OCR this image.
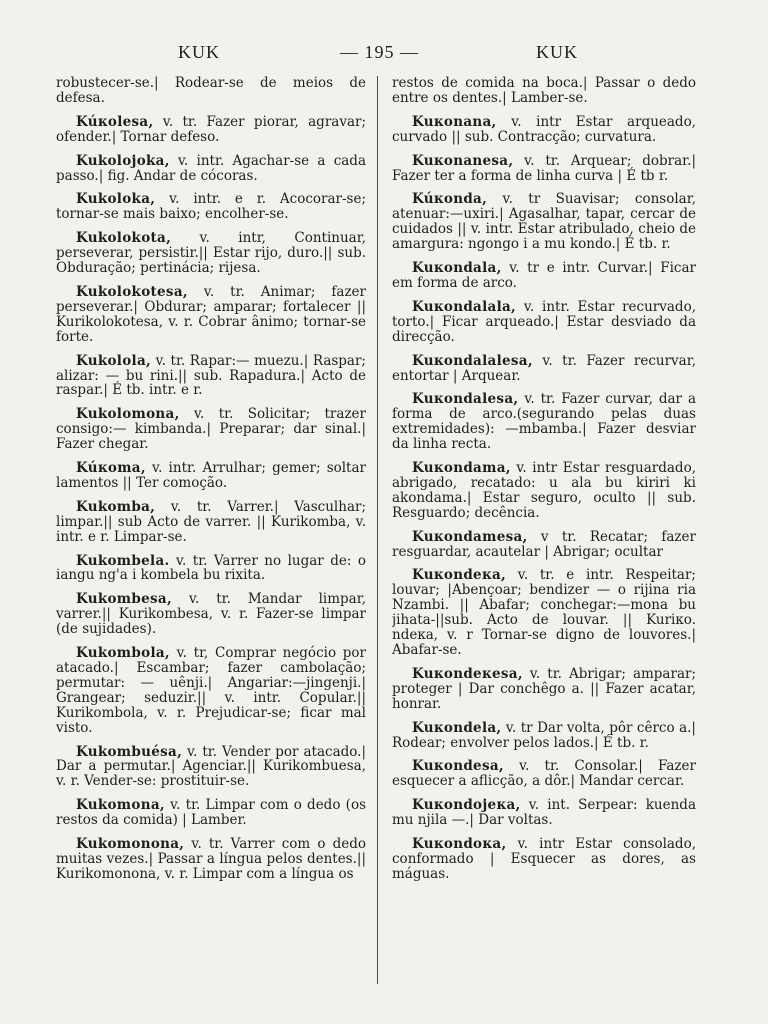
KUK	— 195 —	KUK

robustecer-se.| Rodear-se de meios de defesa.

Kúкolesa, v. tr. Fazer piorar, agravar; ofender.| Tornar defeso.

Kukolojoka, v. intr. Agachar-se a cada passo.| fig. Andar de cócoras.

Kukoloka, v. intr. e r. Acocorar-se; tornar-se mais baixo; encolher-se.

Kukolokota, v. intr, Continuar, perseverar, persistir.|| Estar rijo, duro.|| sub. Obduração; pertinácia; rijesa.

Kukolokotesa, v. tr. Animar; fazer perseverar.| Obdurar; amparar; fortalecer || Kurikolokotesa, v. r. Cobrar ânimo; tornar-se forte.

Kukolola, v. tr. Rapar:— muezu.| Raspar; alizar: — bu rini.|| sub. Rapadura.| Acto de raspar.| É tb. intr. e r.

Kukolomona, v. tr. Solicitar; trazer consigo:— kimbanda.| Preparar; dar sinal.| Fazer chegar.

Kúкoma, v. intr. Arrulhar; gemer; soltar lamentos || Ter comoção.

Kukomba, v. tr. Varrer.| Vasculhar; limpar.|| sub Acto de varrer. || Kurikomba, v. intr. e r. Limpar-se.

Kukombela. v. tr. Varrer no lugar de: o iangu ng'a i kombela bu rixita.

Kukombesa, v. tr. Mandar limpar, varrer.|| Kurikombesa, v. r. Fazer-se limpar (de sujidades).

Kukombola, v. tr, Comprar negócio por atacado.| Escambar; fazer cambolação; permutar: — uênji.| Angariar:—jingenji.| Grangear; seduzir.|| v. intr. Copular.|| Kurikombola, v. r. Prejudicar-se; ficar mal visto.

Kukombuésa, v. tr. Vender por atacado.| Dar a permutar.| Agenciar.|| Kurikombuesa, v. r. Vender-se: prostituir-se.

Kukomona, v. tr. Limpar com o dedo (os restos da comida) | Lamber.

Kukomonona, v. tr. Varrer com o dedo muitas vezes.| Passar a língua pelos dentes.|| Kurikomonona, v. r. Limpar com a língua os

restos de comida na boca.| Passar o dedo entre os dentes.| Lamber-se.

Kuкonana, v. intr Estar arqueado, curvado || sub. Contracção; curvatura.

Kuкonanesa, v. tr. Arquear; dobrar.| Fazer ter a forma de linha curva | É tb r.

Kúкonda, v. tr Suavisar; consolar, atenuar:—uxiri.| Agasalhar, tapar, cercar de cuidados || v. intr. Estar atribulado, cheio de amargura: ngongo i a mu kondo.| É tb. r.

Kuкondala, v. tr e intr. Curvar.| Ficar em forma de arco.

Kuкondalala, v. intr. Estar recurvado, torto.| Ficar arqueado.| Estar desviado da direcção.

Kuкondalalesa, v. tr. Fazer recurvar, entortar | Arquear.

Kuкondalesa, v. tr. Fazer curvar, dar a forma de arco.(segurando pelas duas extremidades): —mbamba.| Fazer desviar da linha recta.

Kuкondama, v. intr Estar resguardado, abrigado, recatado: u ala bu kiriri ki akondama.| Estar seguro, oculto || sub. Resguardo; decência.

Kuкondamesa, v tr. Recatar; fazer resguardar, acautelar | Abrigar; ocultar

Kuкondeкa, v. tr. e intr. Respeitar; louvar; |Abençoar; bendizer — o rijina ria Nzambi. || Abafar; conchegar:—mona bu jihata-||sub. Acto de louvar. || Kuriкo. ndeкa, v. r Tornar-se digno de louvores.| Abafar-se.

Kuкondeкesa, v. tr. Abrigar; amparar; proteger | Dar conchêgo a. || Fazer acatar, honrar.

Kuкondela, v. tr Dar volta, pôr cêrco a.| Rodear; envolver pelos lados.| É tb. r.

Kuкondesa, v. tr. Consolar.| Fazer esquecer a aflicção, a dôr.| Mandar cercar.

Kuкondojeкa, v. int. Serpear: kuenda mu njila —.| Dar voltas.

Kuкondoкa, v. intr Estar consolado, conformado | Esquecer as dores, as máguas.
